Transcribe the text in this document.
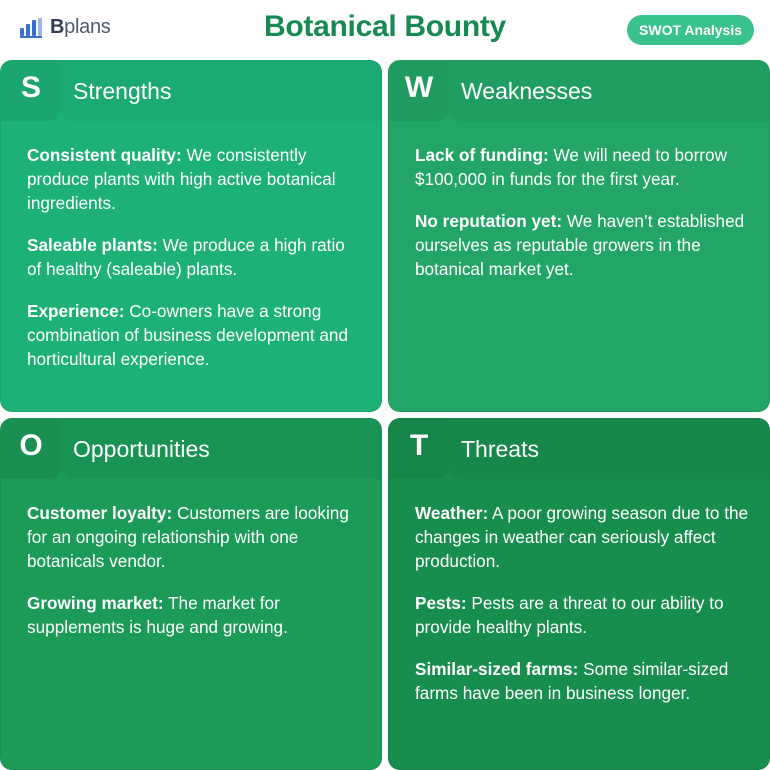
Bplans	Botanical Bounty	SWOT Analysis
S Strengths

Consistent quality: We consistently produce plants with high active botanical ingredients.

Saleable plants: We produce a high ratio of healthy (saleable) plants.

Experience: Co-owners have a strong combination of business development and horticultural experience.

W Weaknesses

Lack of funding: We will need to borrow $100,000 in funds for the first year.

No reputation yet: We haven’t established ourselves as reputable growers in the botanical market yet.

O Opportunities

Customer loyalty: Customers are looking for an ongoing relationship with one botanicals vendor.

Growing market: The market for supplements is huge and growing.

T Threats

Weather: A poor growing season due to the changes in weather can seriously affect production.

Pests: Pests are a threat to our ability to provide healthy plants.

Similar-sized farms: Some similar-sized farms have been in business longer.
